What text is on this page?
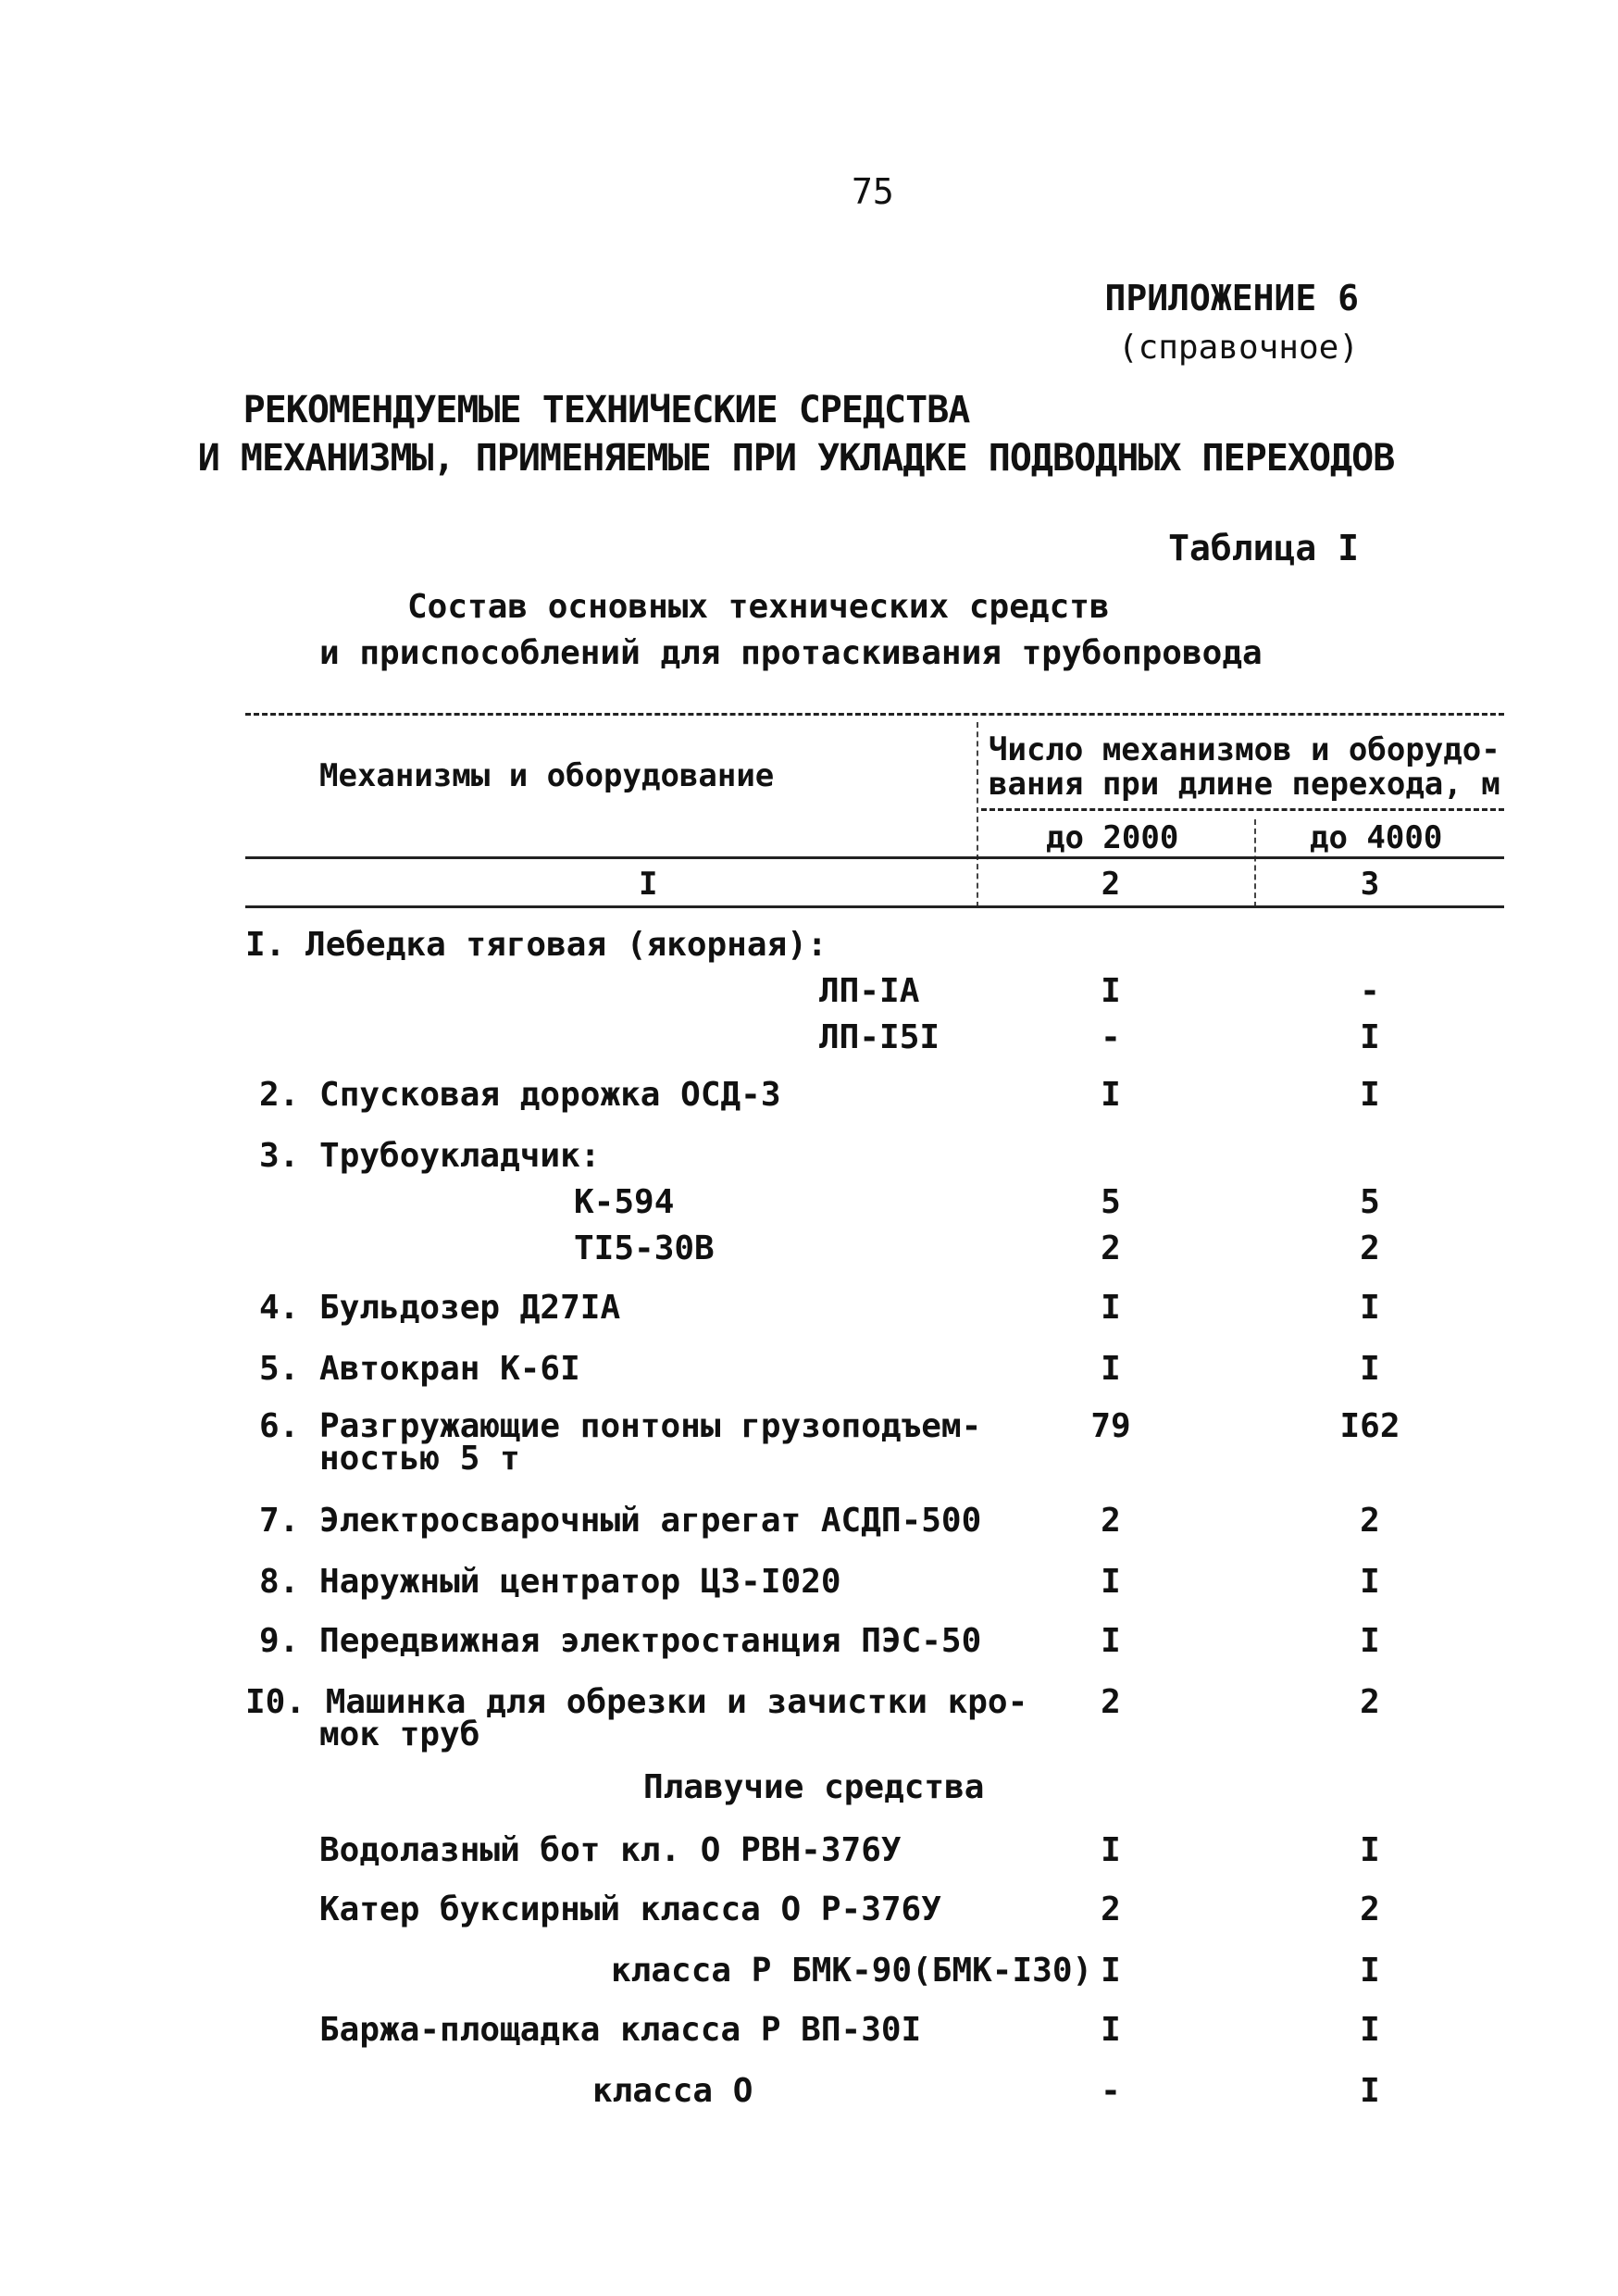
75
ПРИЛОЖЕНИЕ 6
(справочное)
РЕКОМЕНДУЕМЫЕ ТЕХНИЧЕСКИЕ СРЕДСТВА
И МЕХАНИЗМЫ, ПРИМЕНЯЕМЫЕ ПРИ УКЛАДКЕ ПОДВОДНЫХ ПЕРЕХОДОВ
Таблица I
Состав основных технических средств
и приспособлений для протаскивания трубопровода
Механизмы и оборудование
Число механизмов и оборудо-
вания при длине перехода, м
до 2000	до 4000
I	2	3
I. Лебедка тяговая (якорная):
ЛП-IA	I	-
ЛП-I5I	-	I
2. Спусковая дорожка ОСД-3	I	I
3. Трубоукладчик:
К-594	5	5
TI5-30B	2	2
4. Бульдозер Д27IA	I	I
5. Автокран К-6I	I	I
6. Разгружающие понтоны грузоподъем-
ностью 5 т
79	I62
7. Электросварочный агрегат АСДП-500	2	2
8. Наружный центратор ЦЗ-I020	I	I
9. Передвижная электростанция ПЭС-50	I	I
I0. Машинка для обрезки и зачистки кро-
мок труб
2	2
Плавучие средства
Водолазный бот кл. О РВН-376У	I	I
Катер буксирный класса О Р-376У	2	2
класса Р БМК-90(БМК-I30) I	I
Баржа-площадка класса Р ВП-30I	I	I
класса О	-	I
